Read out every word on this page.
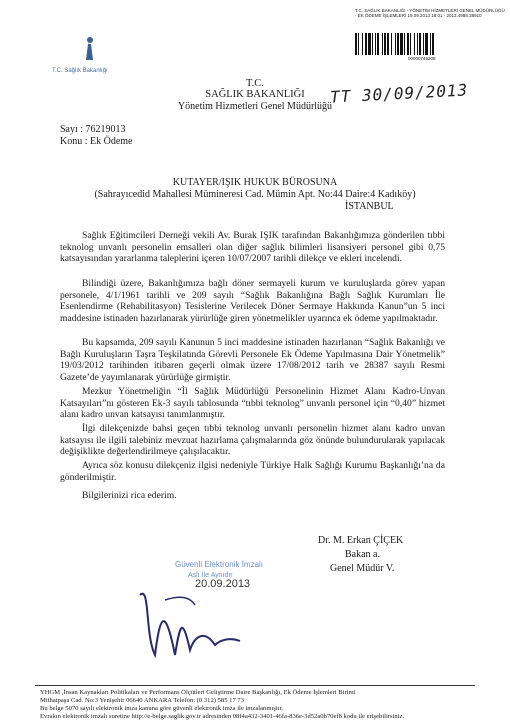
T.C. Sağlık Bakanlığı
T.C. SAĞLIK BAKANLIĞI - YÖNETİM HİZMETLERİ GENEL MÜDÜRLÜĞÜ - EK ÖDEME İŞLEMLERİ 19.09.2013 18:01 - 2013.4988.38910
00000745208
TT 30/09/2013
T.C.
SAĞLIK BAKANLIĞI
Yönetim Hizmetleri Genel Müdürlüğü
Sayı : 76219013
Konu : Ek Ödeme
KUTAYER/IŞIK HUKUK BÜROSUNA
(Sahrayıcedid Mahallesi Mümineresi Cad. Mümin Apt. No:44 Daire:4 Kadıköy)
İSTANBUL
Sağlık Eğitimcileri Derneği vekili Av. Burak IŞIK tarafından Bakanlığımıza gönderilen tıbbi teknolog unvanlı personelin emsalleri olan diğer sağlık bilimleri lisansiyeri personel gibi 0,75 katsayısından yararlanma taleplerini içeren 10/07/2007 tarihli dilekçe ve ekleri incelendi.
Bilindiği üzere, Bakanlığımıza bağlı döner sermayeli kurum ve kuruluşlarda görev yapan personele, 4/1/1961 tarihli ve 209 sayılı “Sağlık Bakanlığına Bağlı Sağlık Kurumları İle Esenlendirme (Rehabilitasyon) Tesislerine Verilecek Döner Sermaye Hakkında Kanun”un 5 inci maddesine istinaden hazırlanarak yürürlüğe giren yönetmelikler uyarınca ek ödeme yapılmaktadır.
Bu kapsamda, 209 sayılı Kanunun 5 inci maddesine istinaden hazırlanan “Sağlık Bakanlığı ve Bağlı Kuruluşların Taşra Teşkilatında Görevli Personele Ek Ödeme Yapılmasına Dair Yönetmelik” 19/03/2012 tarihinden itibaren geçerli olmak üzere 17/08/2012 tarih ve 28387 sayılı Resmi Gazete’de yayımlanarak yürürlüğe girmiştir.
Mezkur Yönetmeliğin “İl Sağlık Müdürlüğü Personelinin Hizmet Alanı Kadro-Unvan Katsayıları”nı gösteren Ek-3 sayılı tablosunda “tıbbi teknolog” unvanlı personel için “0,40” hizmet alanı kadro unvan katsayısı tanımlanmıştır.
İlgi dilekçenizde bahsi geçen tıbbi teknolog unvanlı personelin hizmet alanı kadro unvan katsayısı ile ilgili talebiniz mevzuat hazırlama çalışmalarında göz önünde bulundurularak yapılacak değişiklikte değerlendirilmeye çalışılacaktır.
Ayrıca söz konusu dilekçeniz ilgisi nedeniyle Türkiye Halk Sağlığı Kurumu Başkanlığı’na da gönderilmiştir.
Bilgilerinizi rica ederim.
Dr. M. Erkan ÇİÇEK
Bakan a.
Genel Müdür V.
Güvenli Elektronik İmzalı
Aslı İle Aynıdır
20.09.2013
YHGM ,İnsan Kaynakları Politikaları ve Performans Ölçütleri Geliştirme Daire Başkanlığı, Ek Ödeme İşlemleri Birimi
Mithatpaşa Cad. No:3 Yenişehir 06640 ANKARA Telefon: (0 312) 585 17 73
Bu belge 5070 sayılı elektronik imza kanuna göre güvenli elektronik imza ile imzalanmıştır.
Evrakın elektronik imzalı suretine http://e-belge.saglik.gov.tr adresinden 08f4a432-3401-46fa-836e-3d52a0b70ef8 kodu ile erişebilirsiniz.
